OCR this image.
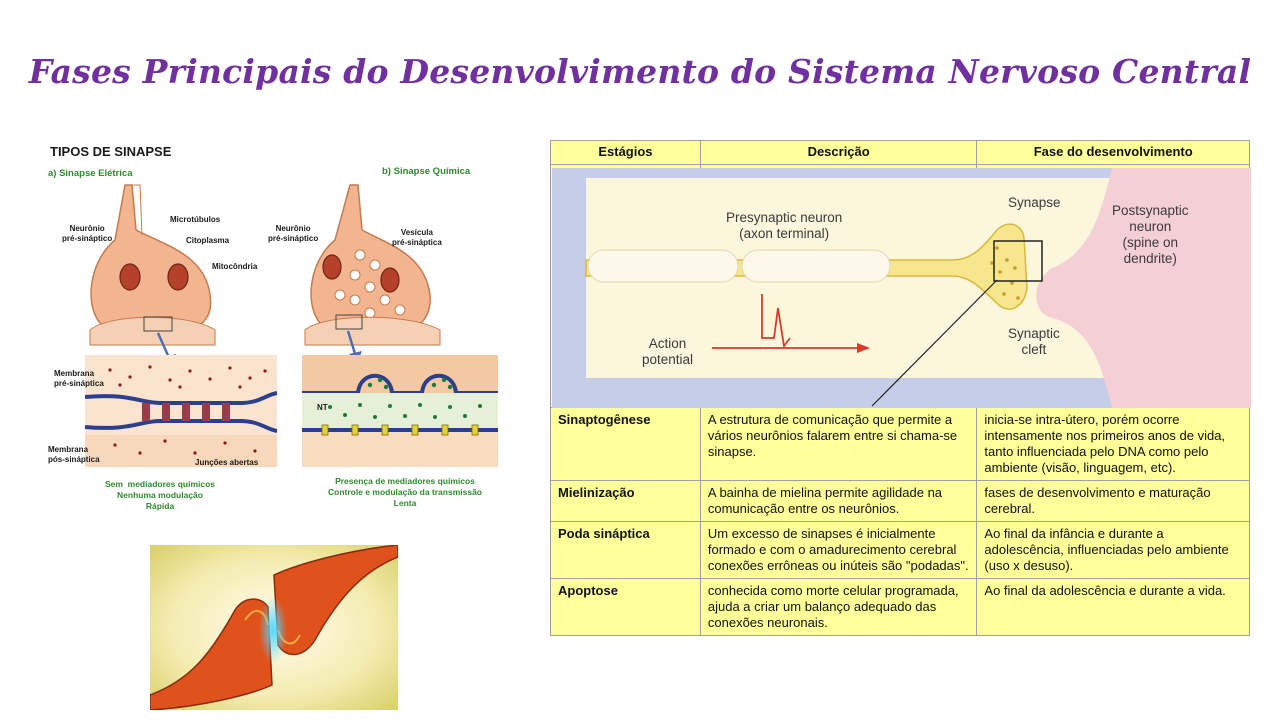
Fases Principais do Desenvolvimento do Sistema Nervoso Central
TIPOS DE SINAPSE
a) Sinapse Elétrica	b) Sinapse Química
Neurônio
pré-sináptico
Microtúbulos
Citoplasma
Mitocôndria
Membrana
pré-sináptica
Membrana
pós-sináptica	Junções abertas
Sem  mediadores químicos
Nenhuma modulação
Rápida
Neurônio
pré-sináptico
Vesícula
pré-sináptica
NT
Presença de mediadores químicos
Controle e modulação da transmissão
Lenta
Estágios	Descrição	Fase do desenvolvimento

Sinaptogênese	A estrutura de comunicação que permite a vários neurônios falarem entre si chama-se sinapse.	inicia-se intra-útero, porém ocorre intensamente nos primeiros anos de vida, tanto influenciada pelo DNA como pelo ambiente (visão, linguagem, etc).
Mielinização	A bainha de mielina permite agilidade na comunicação entre os neurônios.	fases de desenvolvimento e maturação cerebral.
Poda sináptica	Um excesso de sinapses é inicialmente formado e com o amadurecimento cerebral conexões errôneas ou inúteis são "podadas".	Ao final da infância e durante a adolescência, influenciadas pelo ambiente (uso x desuso).
Apoptose	conhecida como morte celular programada, ajuda a criar um balanço adequado das conexões neuronais.	Ao final da adolescência e durante a vida.
Presynaptic neuron
(axon terminal)
Synapse
Postsynaptic
neuron
(spine on
dendrite)
Action
potential
Synaptic
cleft
